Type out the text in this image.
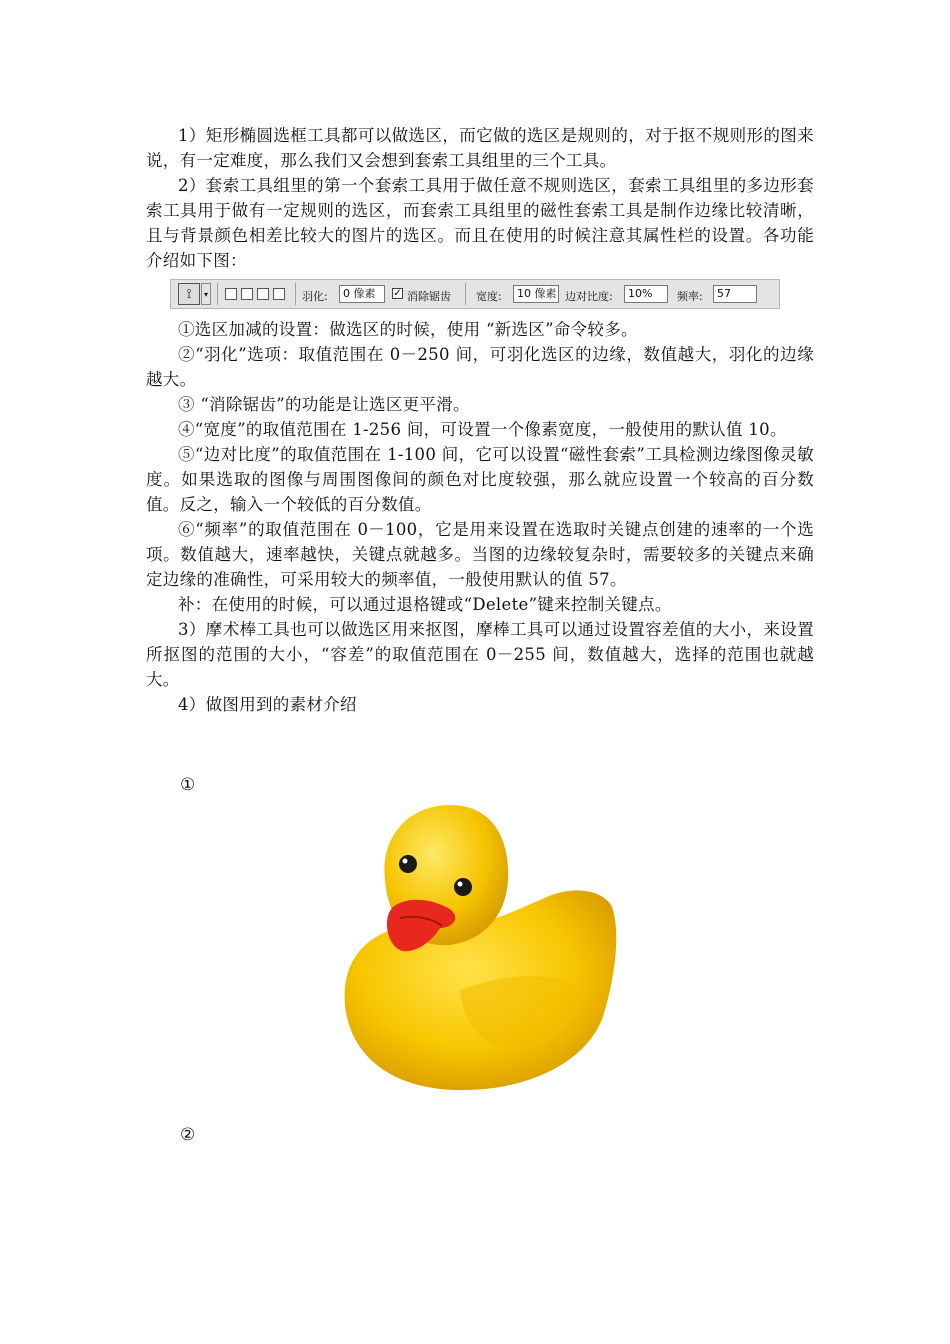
1）矩形椭圆选框工具都可以做选区，而它做的选区是规则的，对于抠不规则形的图来说，有一定难度，那么我们又会想到套索工具组里的三个工具。

2）套索工具组里的第一个套索工具用于做任意不规则选区，套索工具组里的多边形套索工具用于做有一定规则的选区，而套索工具组里的磁性套索工具是制作边缘比较清晰，且与背景颜色相差比较大的图片的选区。而且在使用的时候注意其属性栏的设置。各功能介绍如下图：

⟟	▾	羽化:	0 像素	✓ 消除锯齿 宽度:	10 像素 边对比度:	10%	频率:	57

①选区加减的设置：做选区的时候，使用 “新选区”命令较多。

②“羽化”选项：取值范围在 0－250 间，可羽化选区的边缘，数值越大，羽化的边缘越大。

③ “消除锯齿”的功能是让选区更平滑。

④“宽度”的取值范围在 1-256 间，可设置一个像素宽度，一般使用的默认值 10。

⑤“边对比度”的取值范围在 1-100 间，它可以设置“磁性套索”工具检测边缘图像灵敏度。如果选取的图像与周围图像间的颜色对比度较强，那么就应设置一个较高的百分数值。反之，输入一个较低的百分数值。

⑥“频率”的取值范围在 0－100，它是用来设置在选取时关键点创建的速率的一个选项。数值越大，速率越快，关键点就越多。当图的边缘较复杂时，需要较多的关键点来确定边缘的准确性，可采用较大的频率值，一般使用默认的值 57。

补：在使用的时候，可以通过退格键或“Delete”键来控制关键点。

3）摩术棒工具也可以做选区用来抠图，摩棒工具可以通过设置容差值的大小，来设置所抠图的范围的大小，“容差”的取值范围在 0－255 间，数值越大，选择的范围也就越大。

4）做图用到的素材介绍

①
②
